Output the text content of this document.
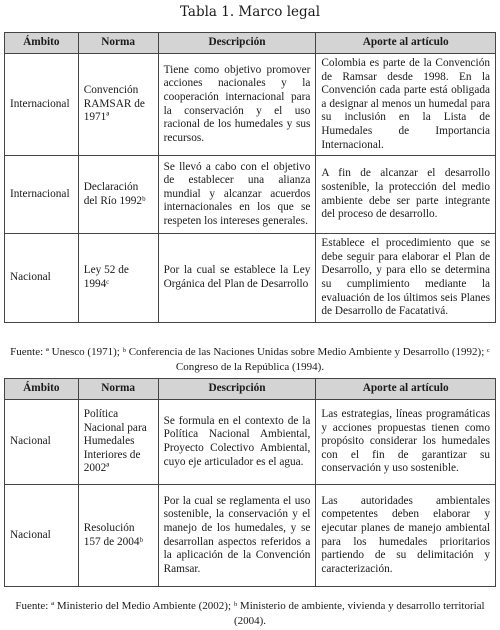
Tabla 1. Marco legal
Ámbito	Norma	Descripción	Aporte al artículo
Internacional	Convención RAMSAR de 1971ª	Tiene como objetivo promover acciones nacionales y la cooperación internacional para la conservación y el uso racional de los humedales y sus recursos.	Colombia es parte de la Convención de Ramsar desde 1998. En la Convención cada parte está obligada a designar al menos un humedal para su inclusión en la Lista de Humedales de Importancia Internacional.
Internacional	Declaración del Río 1992ᵇ	Se llevó a cabo con el objetivo de establecer una alianza mundial y alcanzar acuerdos internacionales en los que se respeten los intereses generales.	A fin de alcanzar el desarrollo sostenible, la protección del medio ambiente debe ser parte integrante del proceso de desarrollo.
Nacional	Ley 52 de 1994ᶜ	Por la cual se establece la Ley Orgánica del Plan de Desarrollo	Establece el procedimiento que se debe seguir para elaborar el Plan de Desarrollo, y para ello se determina su cumplimiento mediante la evaluación de los últimos seis Planes de Desarrollo de Facatativá.
Fuente: ª Unesco (1971); ᵇ Conferencia de las Naciones Unidas sobre Medio Ambiente y Desarrollo (1992); ᶜ Congreso de la República (1994).
Ámbito	Norma	Descripción	Aporte al artículo
Nacional	Política Nacional para Humedales Interiores de 2002ª	Se formula en el contexto de la Política Nacional Ambiental, Proyecto Colectivo Ambiental, cuyo eje articulador es el agua.	Las estrategias, líneas programáticas y acciones propuestas tienen como propósito considerar los humedales con el fin de garantizar su conservación y uso sostenible.
Nacional	Resolución 157 de 2004ᵇ	Por la cual se reglamenta el uso sostenible, la conservación y el manejo de los humedales, y se desarrollan aspectos referidos a la aplicación de la Convención Ramsar.	Las autoridades ambientales competentes deben elaborar y ejecutar planes de manejo ambiental para los humedales prioritarios partiendo de su delimitación y caracterización.
Fuente: ª Ministerio del Medio Ambiente (2002); ᵇ Ministerio de ambiente, vivienda y desarrollo territorial (2004).
